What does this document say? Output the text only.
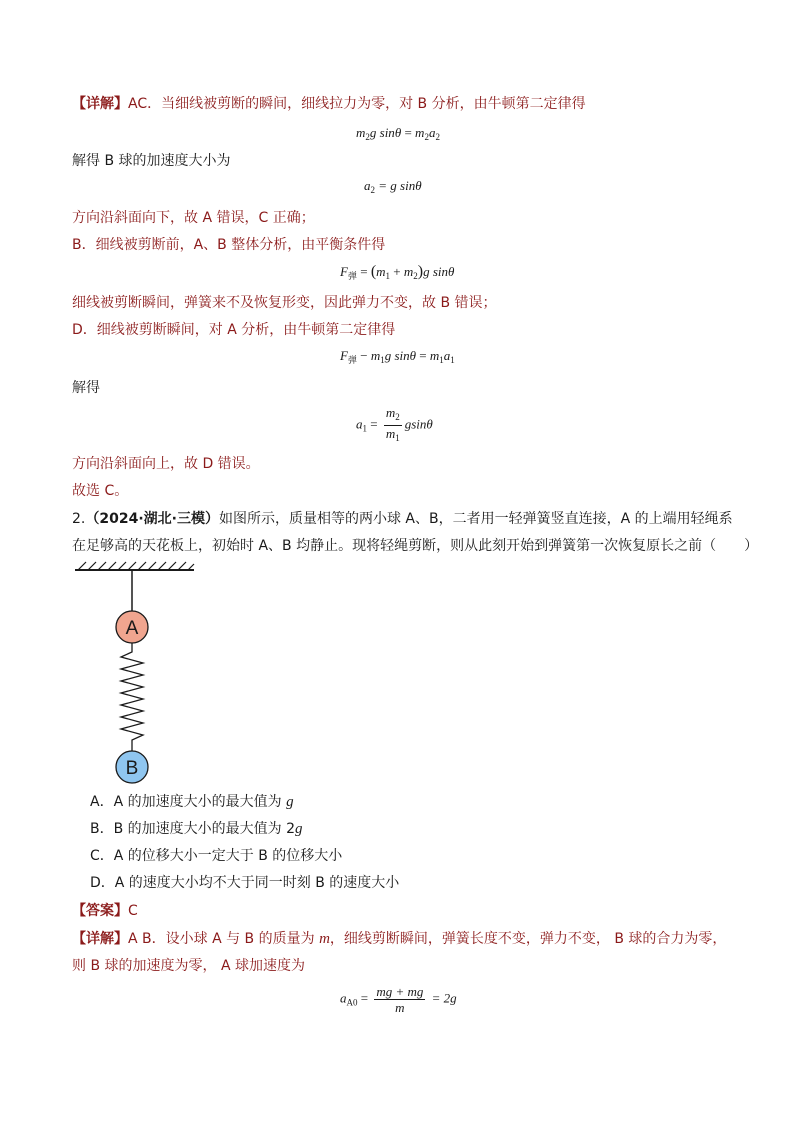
【详解】AC．当细线被剪断的瞬间，细线拉力为零，对 B 分析，由牛顿第二定律得
$m_2g$ $\sin\theta = m_2a_2$
解得 B 球的加速度大小为
$a_2 = g$ sinθ
方向沿斜面向下，故 A 错误，C 正确；
B．细线被剪断前，A、B 整体分析，由平衡条件得
$F_弹 = (m_1 + m_2)g$ sinθ
细线被剪断瞬间，弹簧来不及恢复形变，因此弹力不变，故 B 错误；
D．细线被剪断瞬间，对 A 分析，由牛顿第二定律得
$F_弹 - m_1g$ $\sin\theta = m_1a_1$
解得
$a_1 = \frac{m_2}{m_1}$ gsinθ
方向沿斜面向上，故 D 错误。
故选 C。
2.（2024·湖北·三模）如图所示，质量相等的两小球 A、B，二者用一轻弹簧竖直连接，A 的上端用轻绳系
在足够高的天花板上，初始时 A、B 均静止。现将轻绳剪断，则从此刻开始到弹簧第一次恢复原长之前（　　）
A
B
A．A 的加速度大小的最大值为 g
B．B 的加速度大小的最大值为 2g
C．A 的位移大小一定大于 B 的位移大小
D．A 的速度大小均不大于同一时刻 B 的速度大小
【答案】C
【详解】A B．设小球 A 与 B 的质量为 m，细线剪断瞬间，弹簧长度不变，弹力不变， B 球的合力为零，
则 B 球的加速度为零， A 球加速度为
$a_{A0} = \frac{mg + mg}{m} = 2g$
